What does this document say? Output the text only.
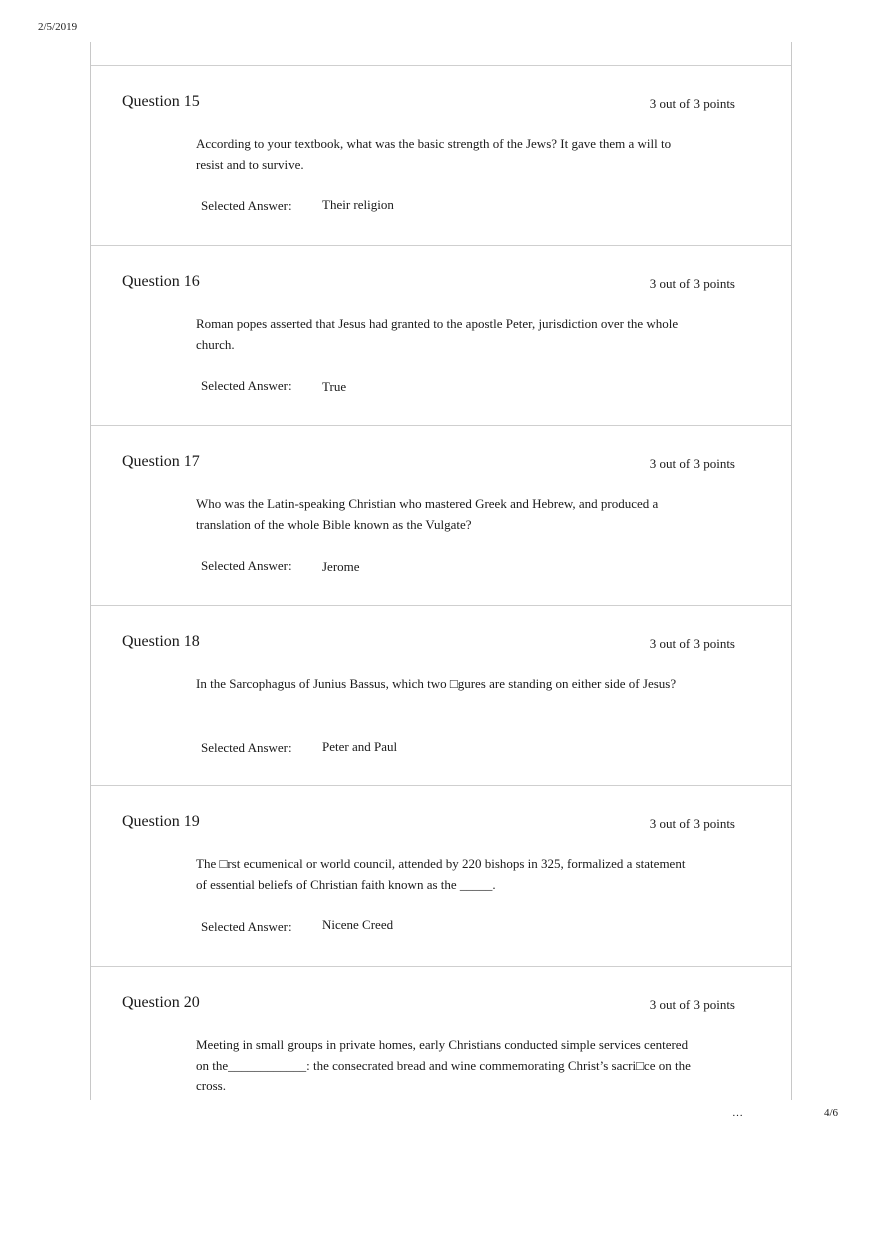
2/5/2019
Question 15	3 out of 3 points
According to your textbook, what was the basic strength of the Jews? It gave them a will to resist and to survive.
Selected Answer: Their religion
Question 16	3 out of 3 points
Roman popes asserted that Jesus had granted to the apostle Peter, jurisdiction over the whole church.
Selected Answer: True
Question 17	3 out of 3 points
Who was the Latin-speaking Christian who mastered Greek and Hebrew, and produced a translation of the whole Bible known as the Vulgate?
Selected Answer: Jerome
Question 18	3 out of 3 points
In the Sarcophagus of Junius Bassus, which two □gures are standing on either side of Jesus?
Selected Answer: Peter and Paul
Question 19	3 out of 3 points
The □rst ecumenical or world council, attended by 220 bishops in 325, formalized a statement of essential beliefs of Christian faith known as the _____.
Selected Answer: Nicene Creed
Question 20	3 out of 3 points
Meeting in small groups in private homes, early Christians conducted simple services centered on the____________: the consecrated bread and wine commemorating Christ’s sacri□ce on the cross.
…	4/6
